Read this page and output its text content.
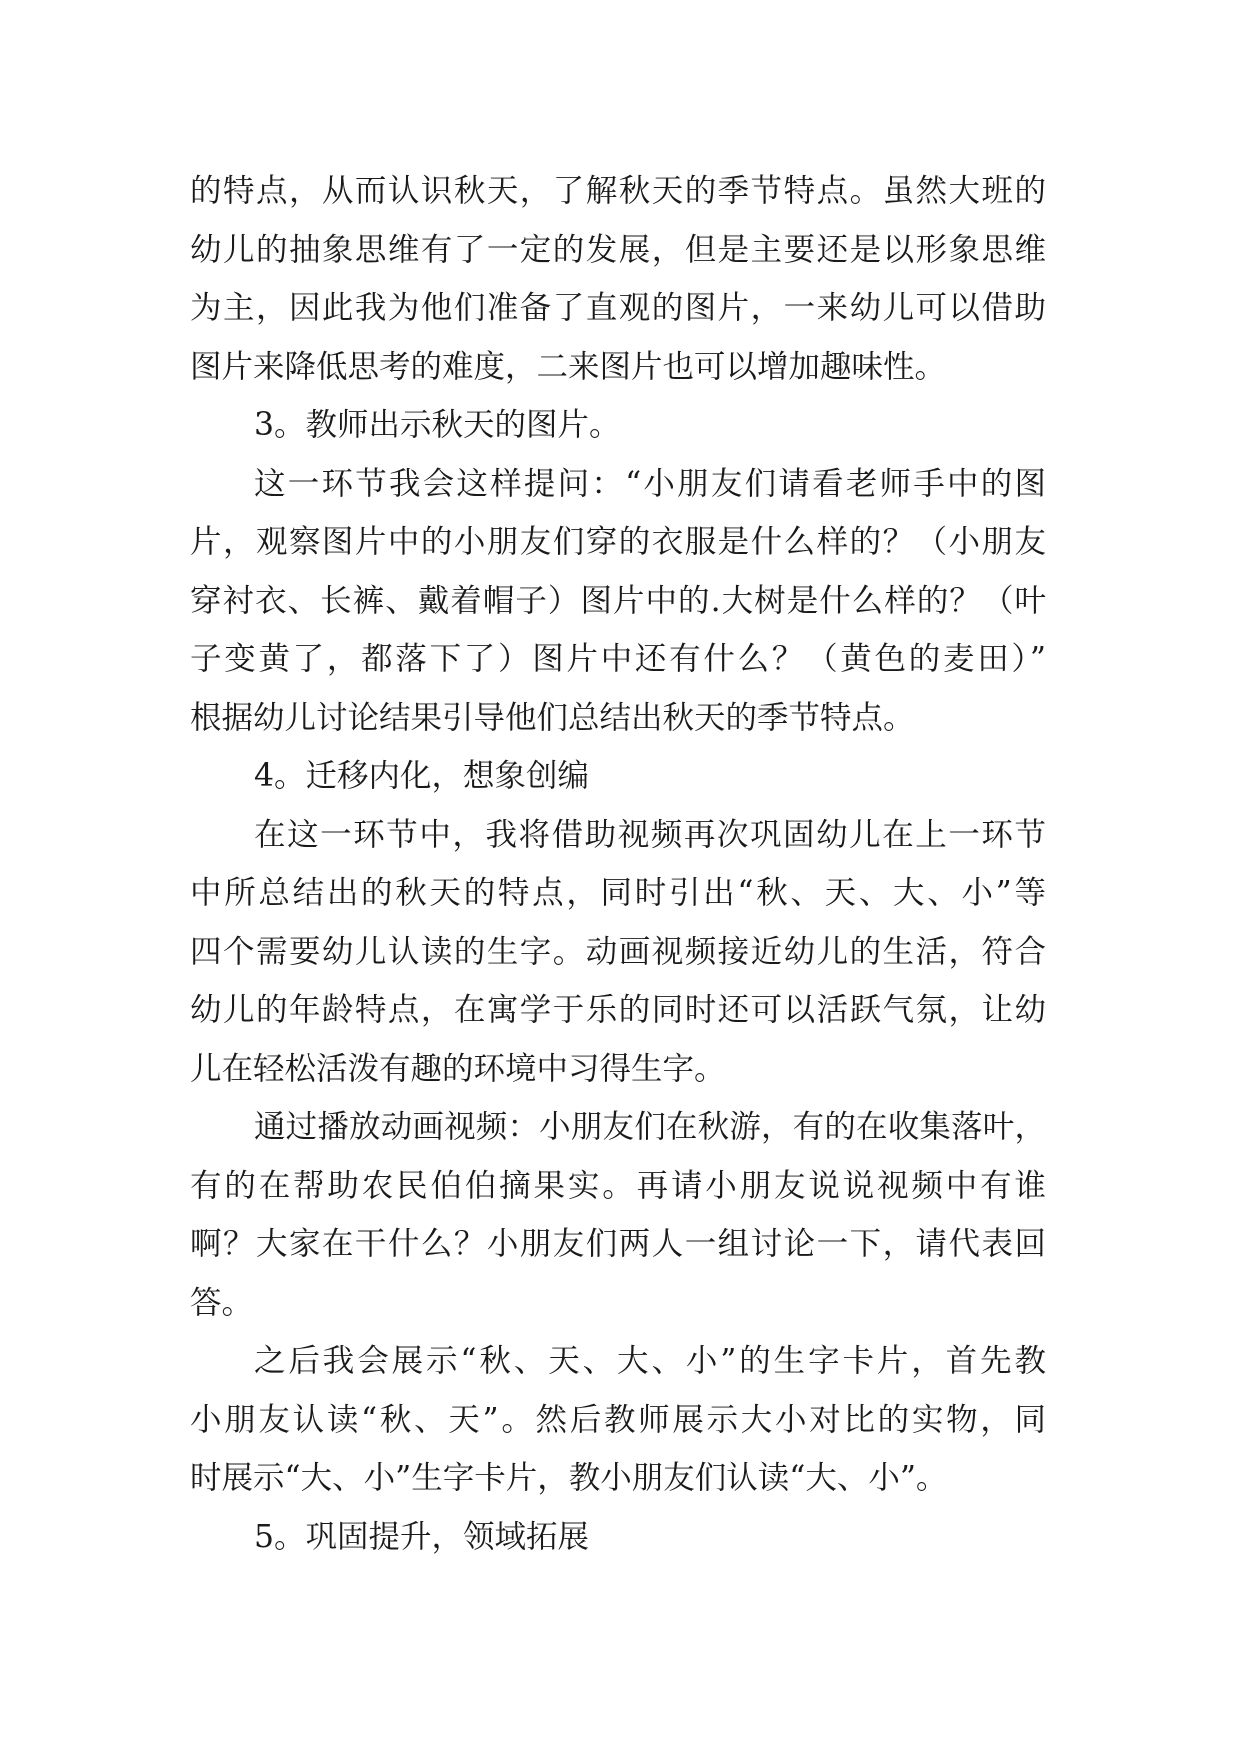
的特点，从而认识秋天，了解秋天的季节特点。虽然大班的
幼儿的抽象思维有了一定的发展，但是主要还是以形象思维
为主，因此我为他们准备了直观的图片，一来幼儿可以借助
图片来降低思考的难度，二来图片也可以增加趣味性。
3。教师出示秋天的图片。
这一环节我会这样提问：“小朋友们请看老师手中的图
片，观察图片中的小朋友们穿的衣服是什么样的？（小朋友
穿衬衣、长裤、戴着帽子）图片中的.大树是什么样的？（叶
子变黄了，都落下了）图片中还有什么？（黄色的麦田）”
根据幼儿讨论结果引导他们总结出秋天的季节特点。
4。迁移内化，想象创编
在这一环节中，我将借助视频再次巩固幼儿在上一环节
中所总结出的秋天的特点，同时引出“秋、天、大、小”等
四个需要幼儿认读的生字。动画视频接近幼儿的生活，符合
幼儿的年龄特点，在寓学于乐的同时还可以活跃气氛，让幼
儿在轻松活泼有趣的环境中习得生字。
通过播放动画视频：小朋友们在秋游，有的在收集落叶，
有的在帮助农民伯伯摘果实。再请小朋友说说视频中有谁
啊？大家在干什么？小朋友们两人一组讨论一下，请代表回
答。
之后我会展示“秋、天、大、小”的生字卡片，首先教
小朋友认读“秋、天”。然后教师展示大小对比的实物，同
时展示“大、小”生字卡片，教小朋友们认读“大、小”。
5。巩固提升，领域拓展
